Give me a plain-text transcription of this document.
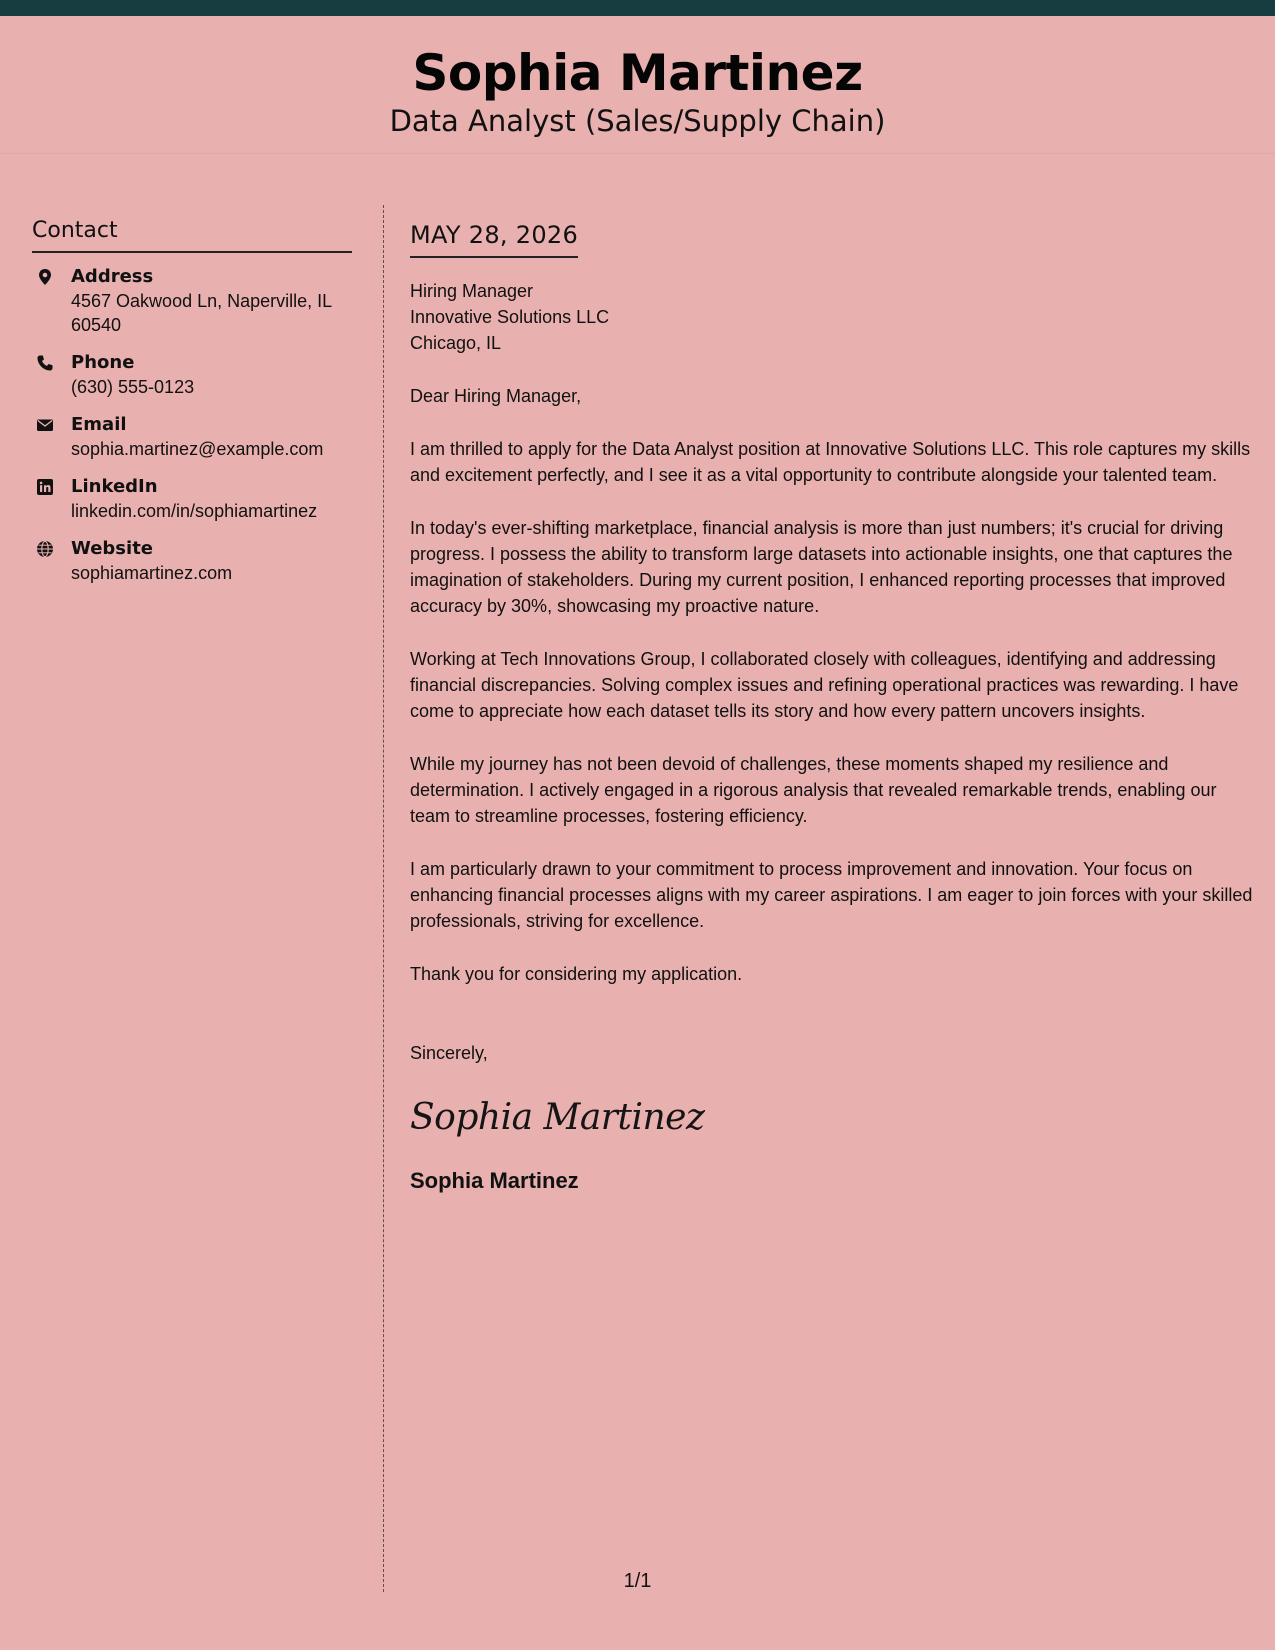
Sophia Martinez
Data Analyst (Sales/Supply Chain)
Contact
Address
4567 Oakwood Ln, Naperville, IL 60540
Phone
(630) 555-0123
Email
sophia.martinez@example.com
LinkedIn
linkedin.com/in/sophiamartinez
Website
sophiamartinez.com
MAY 28, 2026
Hiring Manager
Innovative Solutions LLC
Chicago, IL
Dear Hiring Manager,

I am thrilled to apply for the Data Analyst position at Innovative Solutions LLC. This role captures my skills and excitement perfectly, and I see it as a vital opportunity to contribute alongside your talented team.

In today's ever-shifting marketplace, financial analysis is more than just numbers; it's crucial for driving progress. I possess the ability to transform large datasets into actionable insights, one that captures the imagination of stakeholders. During my current position, I enhanced reporting processes that improved accuracy by 30%, showcasing my proactive nature.

Working at Tech Innovations Group, I collaborated closely with colleagues, identifying and addressing financial discrepancies. Solving complex issues and refining operational practices was rewarding. I have come to appreciate how each dataset tells its story and how every pattern uncovers insights.

While my journey has not been devoid of challenges, these moments shaped my resilience and determination. I actively engaged in a rigorous analysis that revealed remarkable trends, enabling our team to streamline processes, fostering efficiency.

I am particularly drawn to your commitment to process improvement and innovation. Your focus on enhancing financial processes aligns with my career aspirations. I am eager to join forces with your skilled professionals, striving for excellence.

Thank you for considering my application.

Sincerely,
Sophia Martinez
Sophia Martinez
1/1
